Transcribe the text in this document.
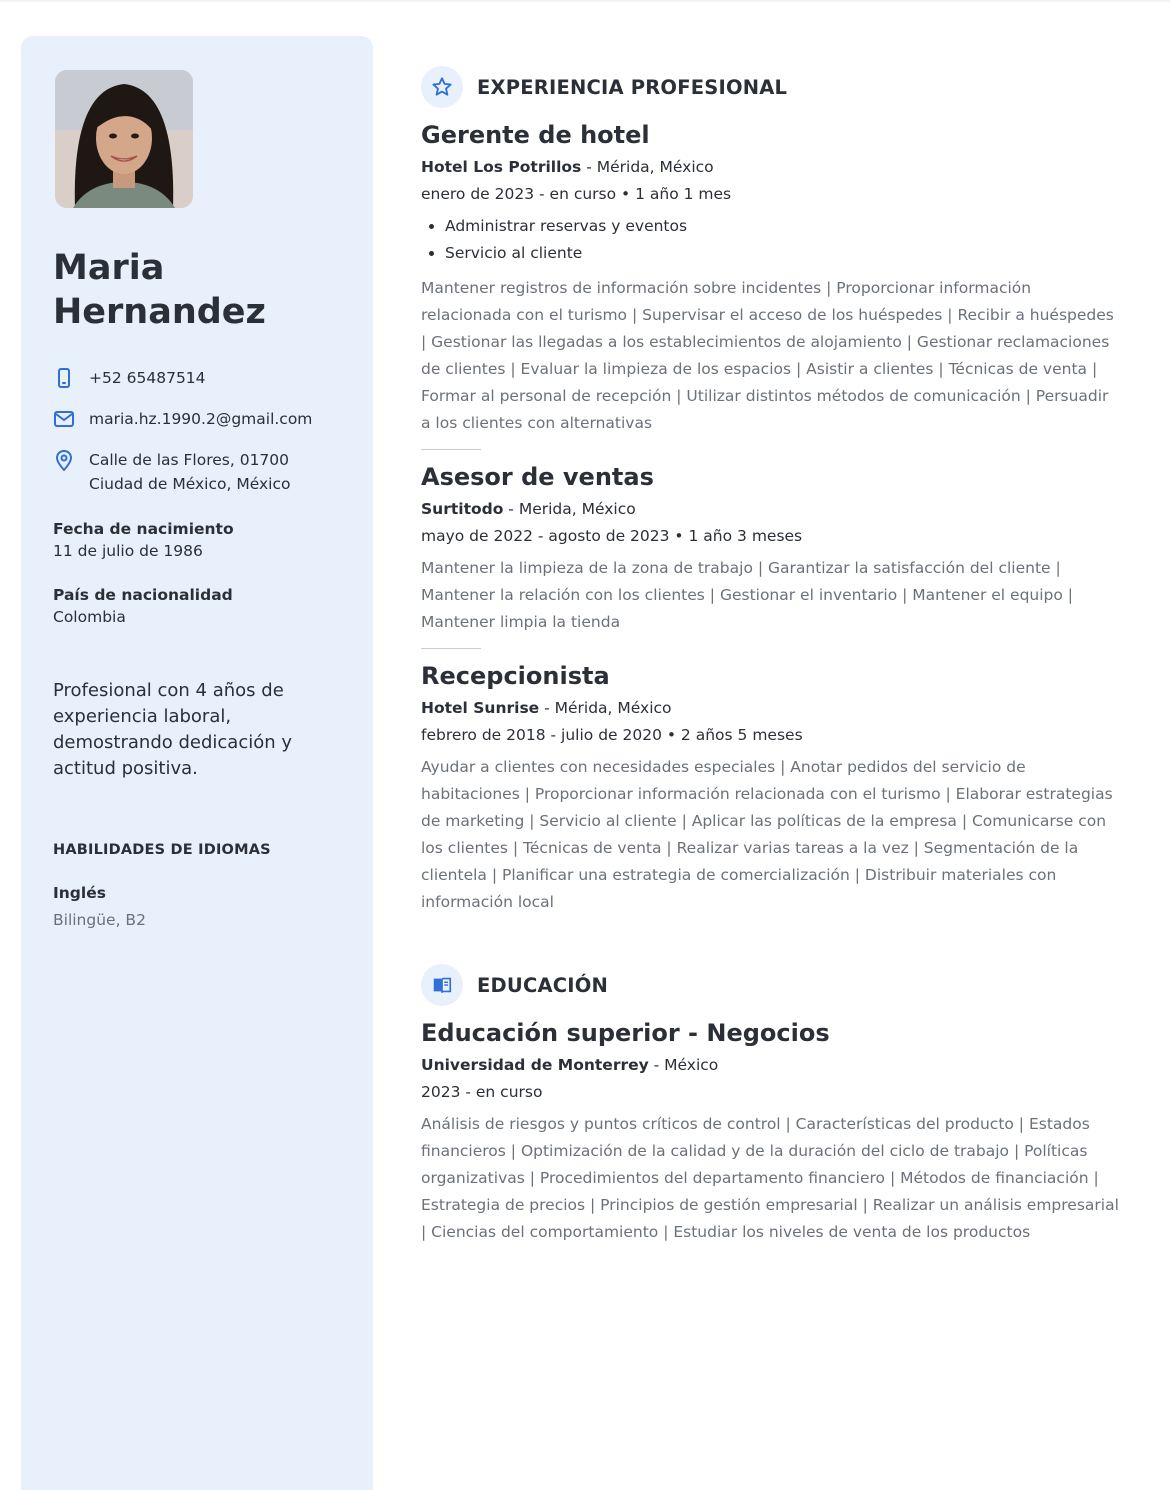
Maria
Hernandez
+52 65487514
maria.hz.1990.2@gmail.com
Calle de las Flores, 01700 Ciudad de México, México
Fecha de nacimiento
11 de julio de 1986
País de nacionalidad
Colombia
Profesional con 4 años de experiencia laboral, demostrando dedicación y actitud positiva.
HABILIDADES DE IDIOMAS
Inglés
Bilingüe, B2
EXPERIENCIA PROFESIONAL
Gerente de hotel
Hotel Los Potrillos - Mérida, México
enero de 2023 - en curso • 1 año 1 mes
• Administrar reservas y eventos
• Servicio al cliente
Mantener registros de información sobre incidentes | Proporcionar información relacionada con el turismo | Supervisar el acceso de los huéspedes | Recibir a huéspedes | Gestionar las llegadas a los establecimientos de alojamiento | Gestionar reclamaciones de clientes | Evaluar la limpieza de los espacios | Asistir a clientes | Técnicas de venta | Formar al personal de recepción | Utilizar distintos métodos de comunicación | Persuadir a los clientes con alternativas
Asesor de ventas
Surtitodo - Merida, México
mayo de 2022 - agosto de 2023 • 1 año 3 meses
Mantener la limpieza de la zona de trabajo | Garantizar la satisfacción del cliente | Mantener la relación con los clientes | Gestionar el inventario | Mantener el equipo | Mantener limpia la tienda
Recepcionista
Hotel Sunrise - Mérida, México
febrero de 2018 - julio de 2020 • 2 años 5 meses
Ayudar a clientes con necesidades especiales | Anotar pedidos del servicio de habitaciones | Proporcionar información relacionada con el turismo | Elaborar estrategias de marketing | Servicio al cliente | Aplicar las políticas de la empresa | Comunicarse con los clientes | Técnicas de venta | Realizar varias tareas a la vez | Segmentación de la clientela | Planificar una estrategia de comercialización | Distribuir materiales con información local
EDUCACIÓN
Educación superior - Negocios
Universidad de Monterrey - México
2023 - en curso
Análisis de riesgos y puntos críticos de control | Características del producto | Estados financieros | Optimización de la calidad y de la duración del ciclo de trabajo | Políticas organizativas | Procedimientos del departamento financiero | Métodos de financiación | Estrategia de precios | Principios de gestión empresarial | Realizar un análisis empresarial | Ciencias del comportamiento | Estudiar los niveles de venta de los productos
